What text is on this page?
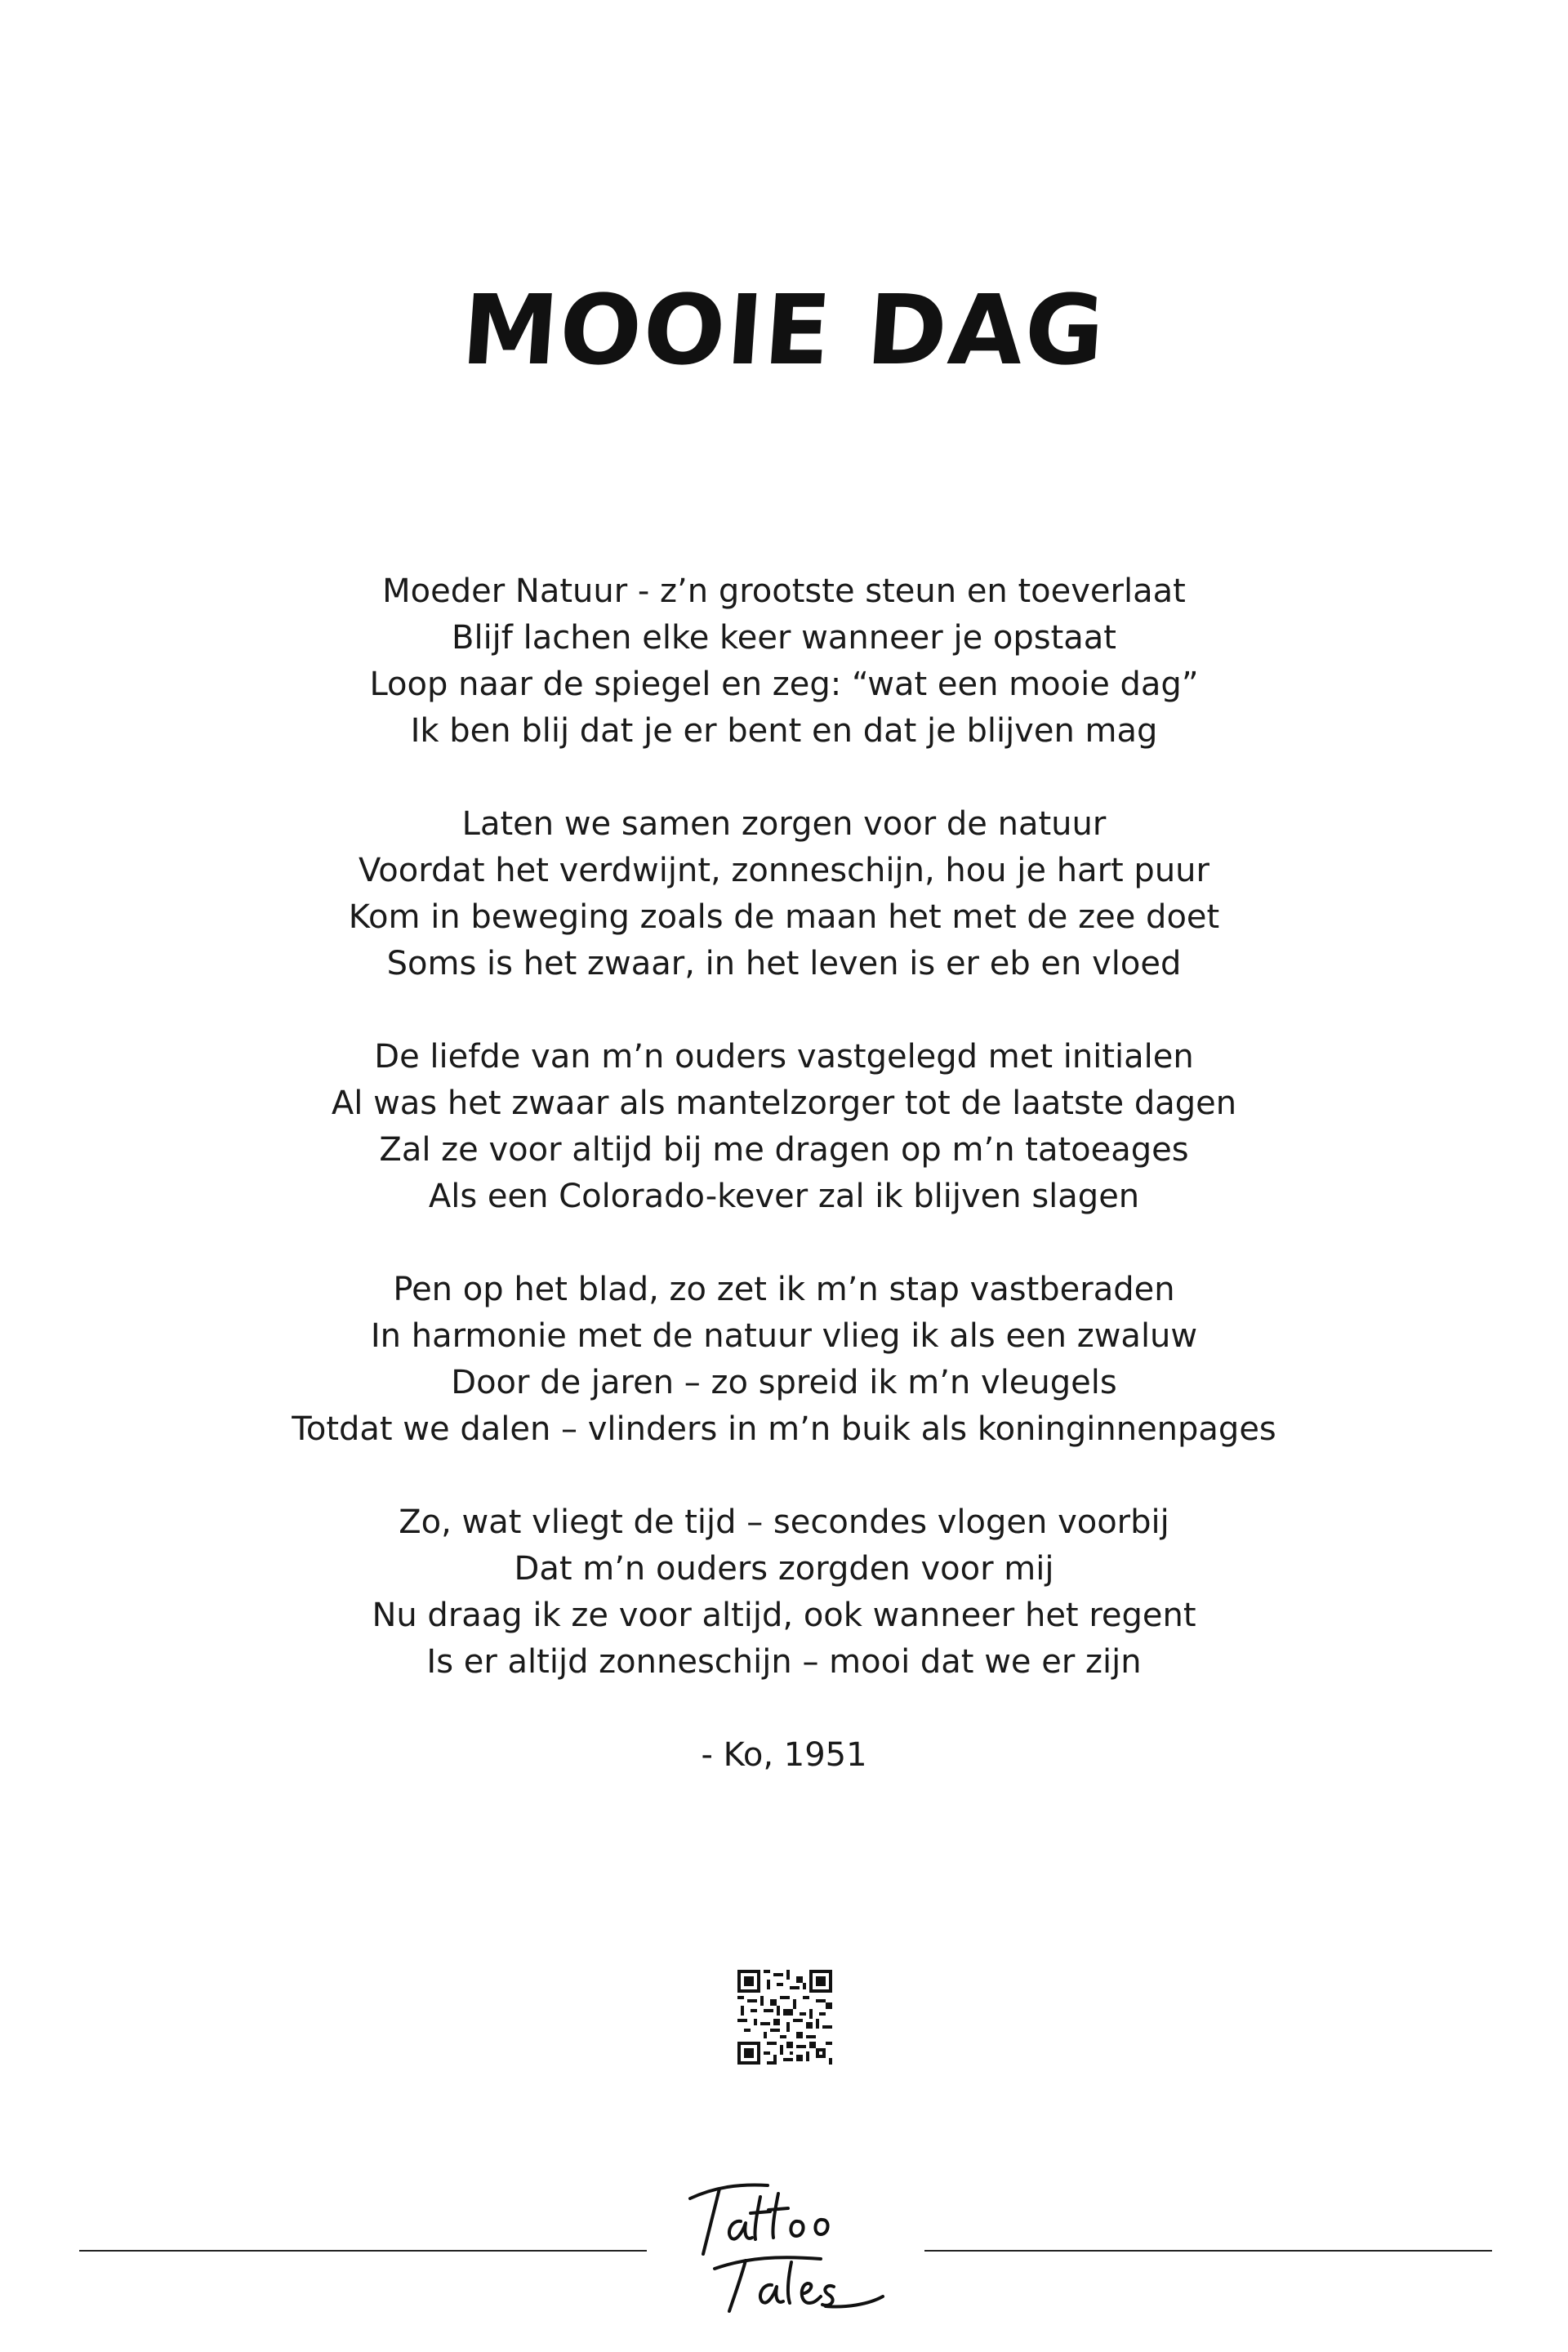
MOOIE DAG
Moeder Natuur - z’n grootste steun en toeverlaat
Blijf lachen elke keer wanneer je opstaat
Loop naar de spiegel en zeg: “wat een mooie dag”
Ik ben blij dat je er bent en dat je blijven mag
Laten we samen zorgen voor de natuur
Voordat het verdwijnt, zonneschijn, hou je hart puur
Kom in beweging zoals de maan het met de zee doet
Soms is het zwaar, in het leven is er eb en vloed
De liefde van m’n ouders vastgelegd met initialen
Al was het zwaar als mantelzorger tot de laatste dagen
Zal ze voor altijd bij me dragen op m’n tatoeages
Als een Colorado-kever zal ik blijven slagen
Pen op het blad, zo zet ik m’n stap vastberaden
In harmonie met de natuur vlieg ik als een zwaluw
Door de jaren – zo spreid ik m’n vleugels
Totdat we dalen – vlinders in m’n buik als koninginnenpages
Zo, wat vliegt de tijd – secondes vlogen voorbij
Dat m’n ouders zorgden voor mij
Nu draag ik ze voor altijd, ook wanneer het regent
Is er altijd zonneschijn – mooi dat we er zijn
- Ko, 1951
